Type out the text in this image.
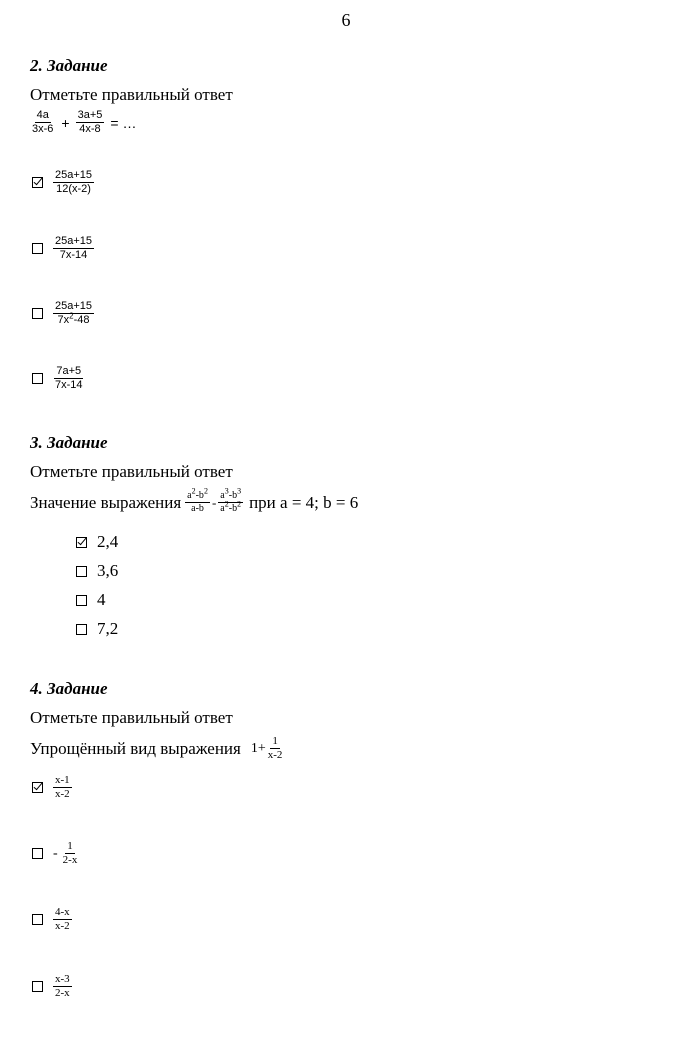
6
2. Задание
Отметьте правильный ответ
$\frac{4a}{3x-6} + \frac{3a+5}{4x-8}$ = …
$\frac{25a+15}{12(x-2)}$
$\frac{25a+15}{7x-14}$
$\frac{25a+15}{7x^2-48}$
$\frac{7a+5}{7x-14}$
3. Задание
Отметьте правильный ответ
Значение выражения $\frac{a^2-b^2}{a-b} - \frac{a^3-b^3}{a^2-b^2}$ при a = 4; b = 6
2,4
3,6
4
7,2
4. Задание
Отметьте правильный ответ
Упрощённый вид выражения $1+ \frac{1}{x-2}$
$\frac{x-1}{x-2}$
- $\frac{1}{2-x}$
$\frac{4-x}{x-2}$
$\frac{x-3}{2-x}$
